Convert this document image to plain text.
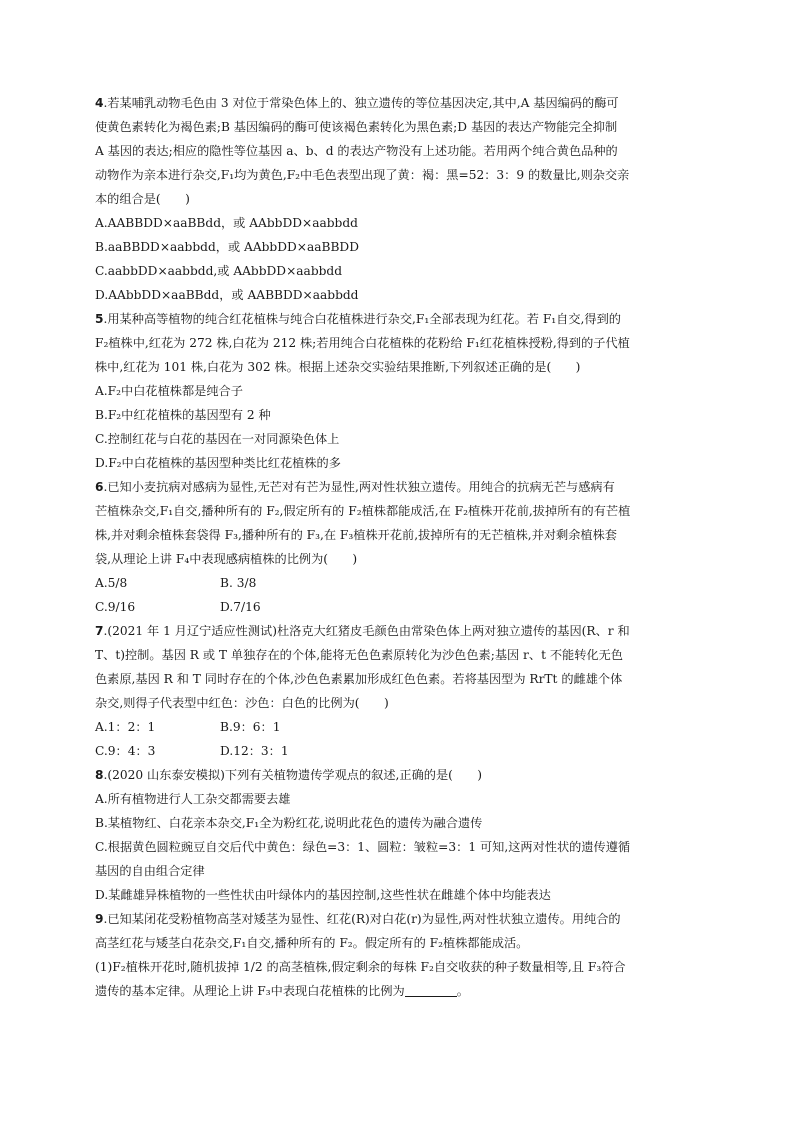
4.若某哺乳动物毛色由 3 对位于常染色体上的、独立遗传的等位基因决定,其中,A 基因编码的酶可
使黄色素转化为褐色素;B 基因编码的酶可使该褐色素转化为黑色素;D 基因的表达产物能完全抑制
A 基因的表达;相应的隐性等位基因 a、b、d 的表达产物没有上述功能。若用两个纯合黄色品种的
动物作为亲本进行杂交,F₁均为黄色,F₂中毛色表型出现了黄：褐：黑=52：3：9 的数量比,则杂交亲
本的组合是(　　)
A.AABBDD×aaBBdd，或 AAbbDD×aabbdd
B.aaBBDD×aabbdd，或 AAbbDD×aaBBDD
C.aabbDD×aabbdd,或 AAbbDD×aabbdd
D.AAbbDD×aaBBdd，或 AABBDD×aabbdd
5.用某种高等植物的纯合红花植株与纯合白花植株进行杂交,F₁全部表现为红花。若 F₁自交,得到的
F₂植株中,红花为 272 株,白花为 212 株;若用纯合白花植株的花粉给 F₁红花植株授粉,得到的子代植
株中,红花为 101 株,白花为 302 株。根据上述杂交实验结果推断,下列叙述正确的是(　　)
A.F₂中白花植株都是纯合子
B.F₂中红花植株的基因型有 2 种
C.控制红花与白花的基因在一对同源染色体上
D.F₂中白花植株的基因型种类比红花植株的多
6.已知小麦抗病对感病为显性,无芒对有芒为显性,两对性状独立遗传。用纯合的抗病无芒与感病有
芒植株杂交,F₁自交,播种所有的 F₂,假定所有的 F₂植株都能成活,在 F₂植株开花前,拔掉所有的有芒植
株,并对剩余植株套袋得 F₃,播种所有的 F₃,在 F₃植株开花前,拔掉所有的无芒植株,并对剩余植株套
袋,从理论上讲 F₄中表现感病植株的比例为(　　)
A.5/8	B. 3/8
C.9/16	D.7/16
7.(2021 年 1 月辽宁适应性测试)杜洛克大红猪皮毛颜色由常染色体上两对独立遗传的基因(R、r 和
T、t)控制。基因 R 或 T 单独存在的个体,能将无色色素原转化为沙色色素;基因 r、t 不能转化无色
色素原,基因 R 和 T 同时存在的个体,沙色色素累加形成红色色素。若将基因型为 RrTt 的雌雄个体
杂交,则得子代表型中红色：沙色：白色的比例为(　　)
A.1：2：1	B.9：6：1
C.9：4：3	D.12：3：1
8.(2020 山东泰安模拟)下列有关植物遗传学观点的叙述,正确的是(　　)
A.所有植物进行人工杂交都需要去雄
B.某植物红、白花亲本杂交,F₁全为粉红花,说明此花色的遗传为融合遗传
C.根据黄色圆粒豌豆自交后代中黄色：绿色=3：1、圆粒：皱粒=3：1 可知,这两对性状的遗传遵循
基因的自由组合定律
D.某雌雄异株植物的一些性状由叶绿体内的基因控制,这些性状在雌雄个体中均能表达
9.已知某闭花受粉植物高茎对矮茎为显性、红花(R)对白花(r)为显性,两对性状独立遗传。用纯合的
高茎红花与矮茎白花杂交,F₁自交,播种所有的 F₂。假定所有的 F₂植株都能成活。
(1)F₂植株开花时,随机拔掉 1/2 的高茎植株,假定剩余的每株 F₂自交收获的种子数量相等,且 F₃符合
遗传的基本定律。从理论上讲 F₃中表现白花植株的比例为	。
